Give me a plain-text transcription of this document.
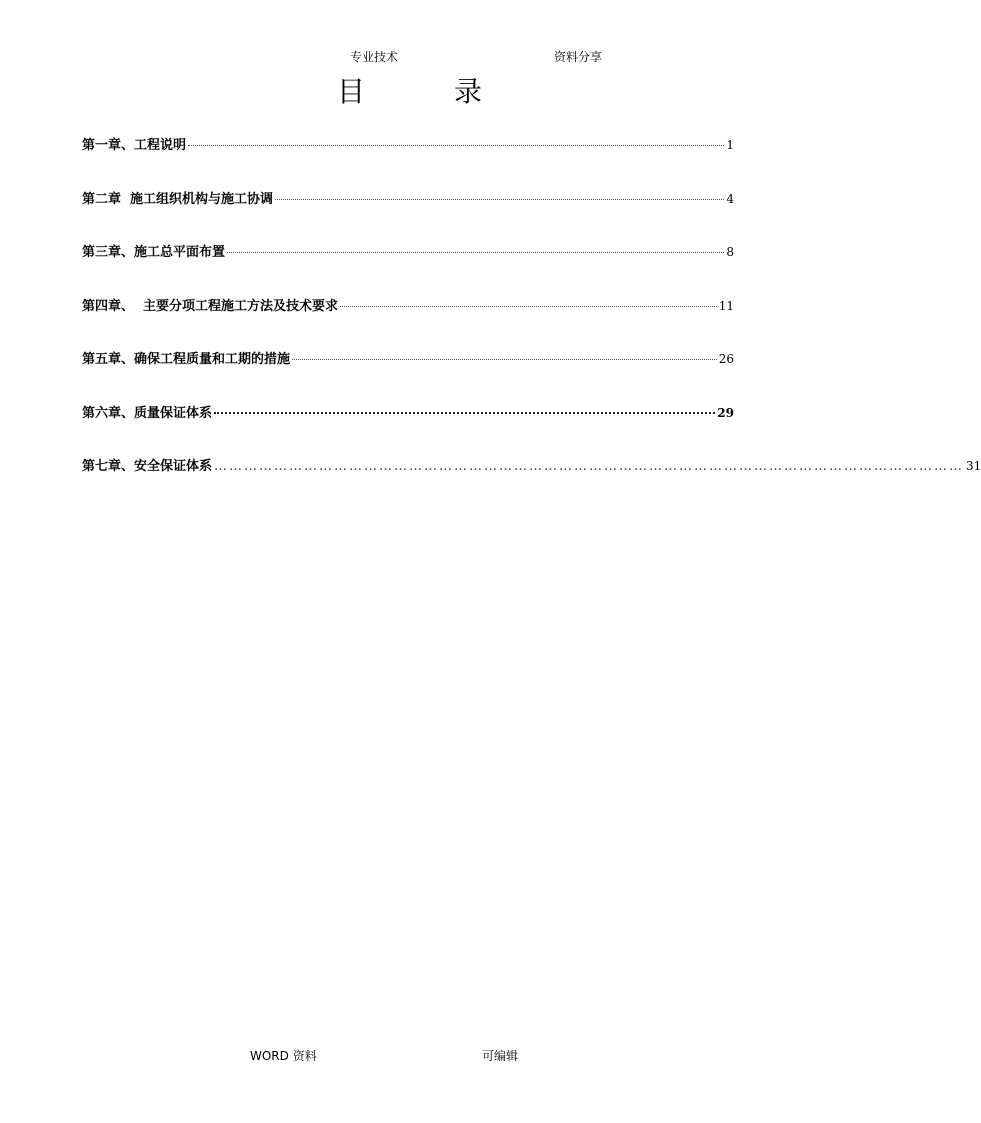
专业技术	资料分享
目	录
第一章、工程说明	1
第二章  施工组织机构与施工协调	4
第三章、施工总平面布置	8
第四章、  主要分项工程施工方法及技术要求	11
第五章、确保工程质量和工期的措施	26
第六章、质量保证体系	29
第七章、安全保证体系 …………………………………………………………………………………………………………………………………… 31
WORD 资料	可编辑
